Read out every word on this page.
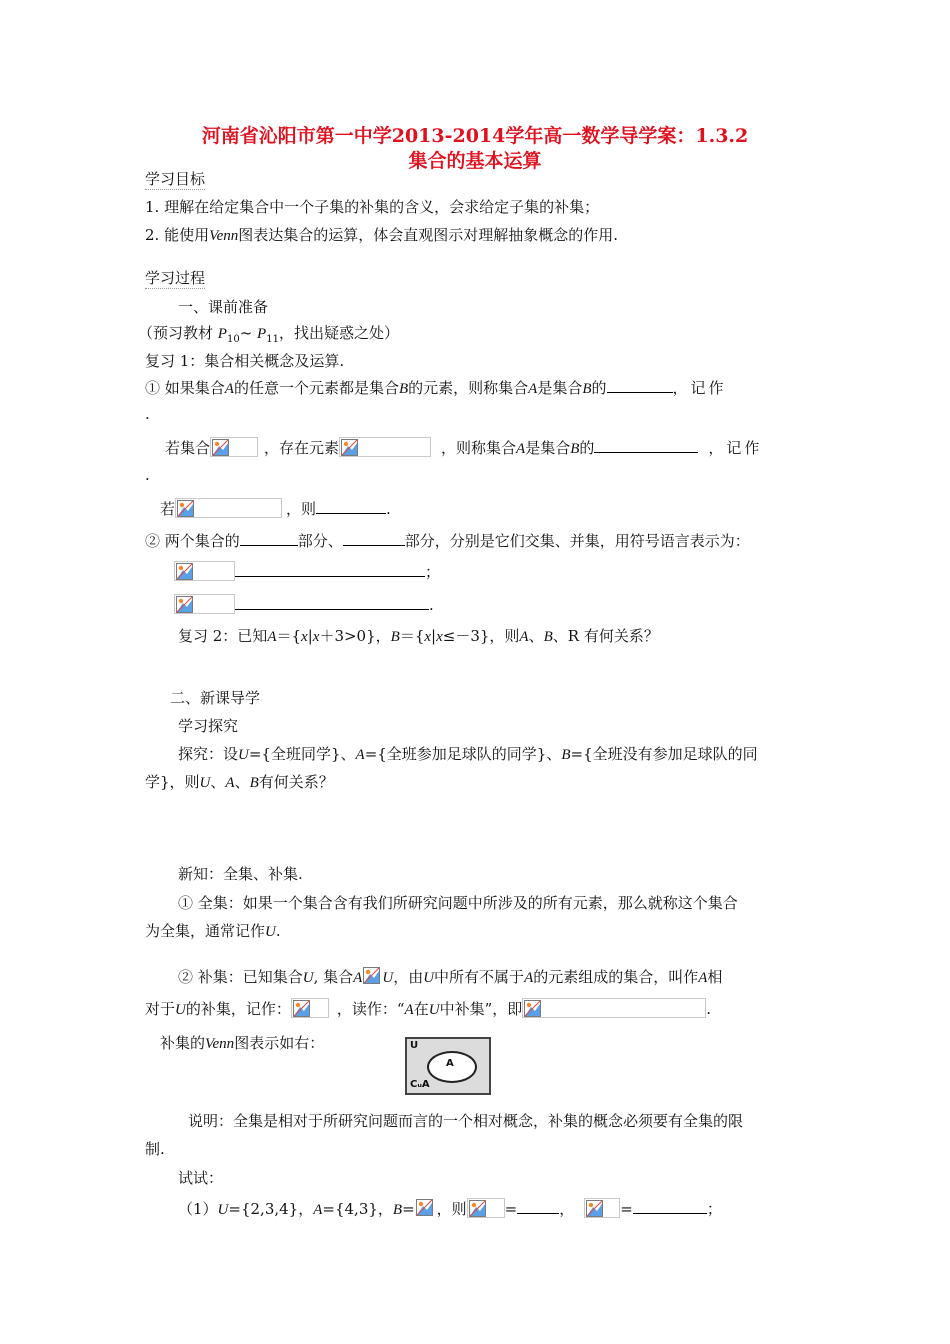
河南省沁阳市第一中学2013-2014学年高一数学导学案：1.3.2
集合的基本运算
学习目标
1. 理解在给定集合中一个子集的补集的含义，会求给定子集的补集；
2. 能使用Venn图表达集合的运算，体会直观图示对理解抽象概念的作用.
学习过程
一、课前准备
（预习教材 $P_{10}\sim$ $P_{11}$，找出疑惑之处）
复习 1：集合相关概念及运算.
① 如果集合A的任意一个元素都是集合B的元素，则称集合A是集合B的	，记作
.
若集合	，存在元素	，则称集合A是集合B的	，记作
.
若	，则	.
② 两个集合的	部分、	部分，分别是它们交集、并集，用符号语言表示为：
；
.
复习 2：已知A＝{x|x＋3>0}，B＝{x|x≤－3}，则A、B、R 有何关系？
二、新课导学
学习探究
探究：设U={全班同学}、A={全班参加足球队的同学}、B={全班没有参加足球队的同
学}，则U、A、B有何关系？
新知：全集、补集.
① 全集：如果一个集合含有我们所研究问题中所涉及的所有元素，那么就称这个集合
为全集，通常记作U.
② 补集：已知集合U, 集合A U，由U中所有不属于A的元素组成的集合，叫作A相
对于U的补集，记作：	，读作：“A在U中补集”，即	.
补集的Venn图表示如右：	U
A
CᵤA
说明：全集是相对于所研究问题而言的一个相对概念，补集的概念必须要有全集的限
制.
试试：
（1）U={2,3,4}，A={4,3}，B= ，则	=	，	=	；
